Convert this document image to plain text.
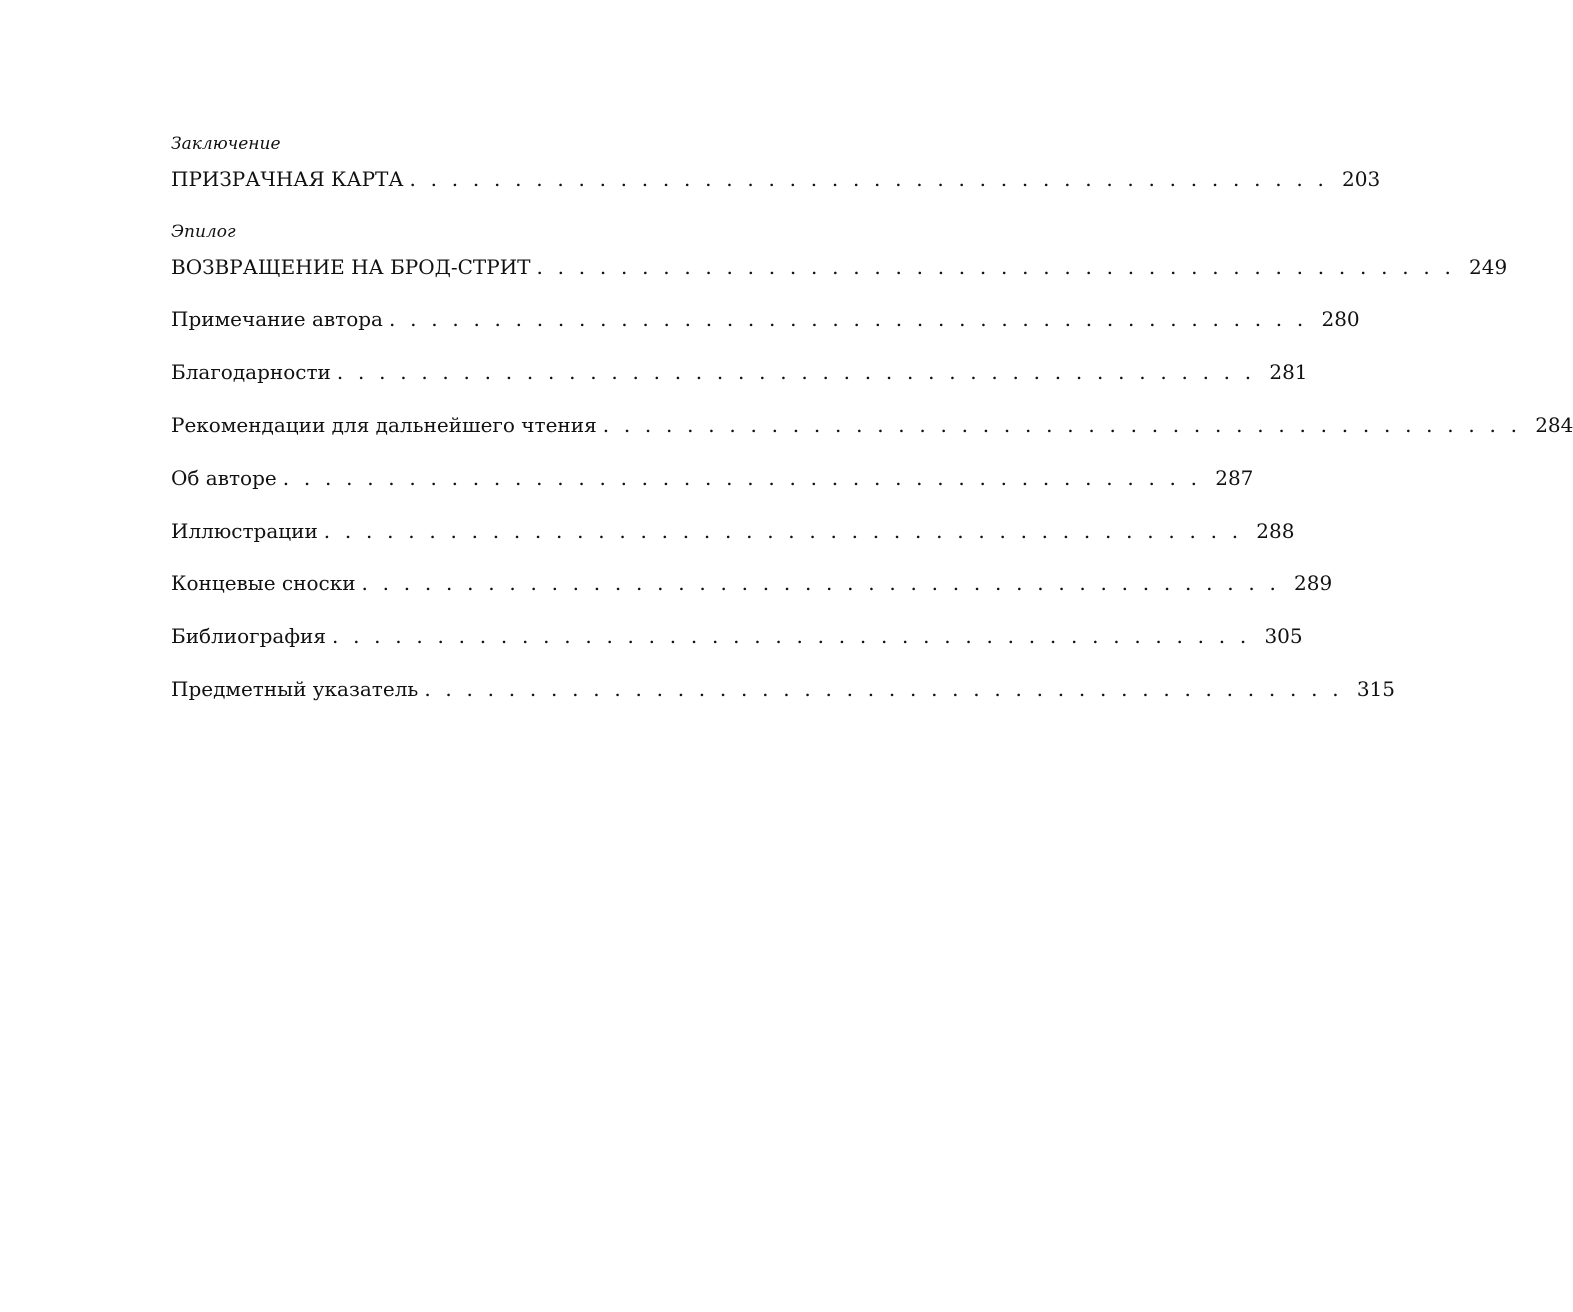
Заключение
ПРИЗРАЧНАЯ КАРТА . . . . . . . . . . . . . . . . . . . . . . . . . . . . . . . . . . . . . . . . . . . . 203
Эпилог
ВОЗВРАЩЕНИЕ НА БРОД-СТРИТ . . . . . . . . . . . . . . . . . . . . . . . . . . . . . . . . . . . . . . . . . . . . 249
Примечание автора . . . . . . . . . . . . . . . . . . . . . . . . . . . . . . . . . . . . . . . . . . . . 280
Благодарности . . . . . . . . . . . . . . . . . . . . . . . . . . . . . . . . . . . . . . . . . . . . 281
Рекомендации для дальнейшего чтения . . . . . . . . . . . . . . . . . . . . . . . . . . . . . . . . . . . . . . . . . . . . 284
Об авторе . . . . . . . . . . . . . . . . . . . . . . . . . . . . . . . . . . . . . . . . . . . . 287
Иллюстрации . . . . . . . . . . . . . . . . . . . . . . . . . . . . . . . . . . . . . . . . . . . . 288
Концевые сноски . . . . . . . . . . . . . . . . . . . . . . . . . . . . . . . . . . . . . . . . . . . . 289
Библиография . . . . . . . . . . . . . . . . . . . . . . . . . . . . . . . . . . . . . . . . . . . . 305
Предметный указатель . . . . . . . . . . . . . . . . . . . . . . . . . . . . . . . . . . . . . . . . . . . . 315
